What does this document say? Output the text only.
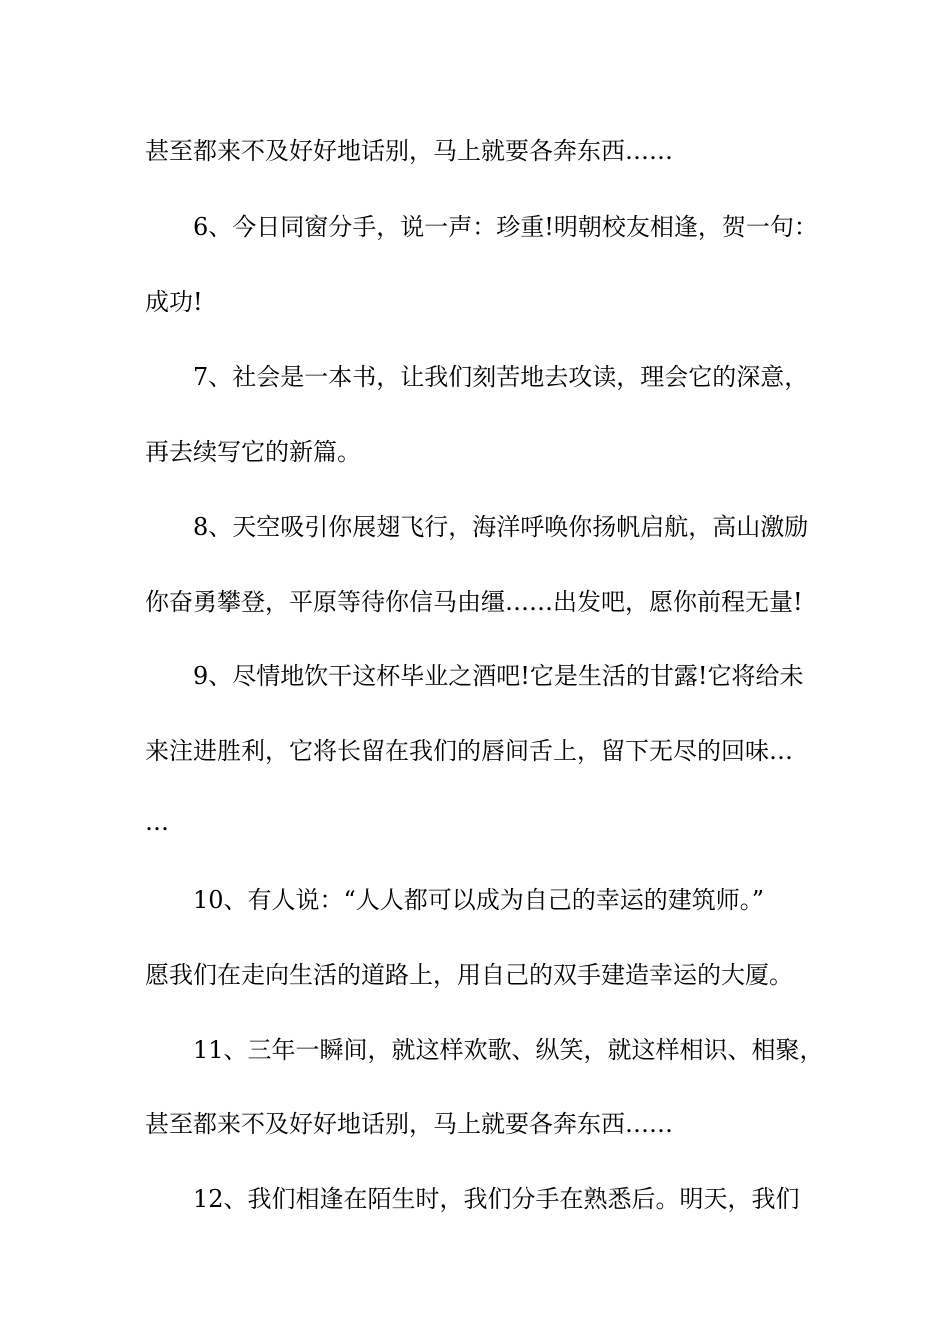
甚至都来不及好好地话别，马上就要各奔东西……
6、今日同窗分手，说一声：珍重!明朝校友相逢，贺一句：
成功!
7、社会是一本书，让我们刻苦地去攻读，理会它的深意，
再去续写它的新篇。
8、天空吸引你展翅飞行，海洋呼唤你扬帆启航，高山激励
你奋勇攀登，平原等待你信马由缰……出发吧，愿你前程无量!
9、尽情地饮干这杯毕业之酒吧!它是生活的甘露!它将给未
来注进胜利，它将长留在我们的唇间舌上，留下无尽的回味…
…
10、有人说：“人人都可以成为自己的幸运的建筑师。”
愿我们在走向生活的道路上，用自己的双手建造幸运的大厦。
11、三年一瞬间，就这样欢歌、纵笑，就这样相识、相聚，
甚至都来不及好好地话别，马上就要各奔东西……
12、我们相逢在陌生时，我们分手在熟悉后。明天，我们
